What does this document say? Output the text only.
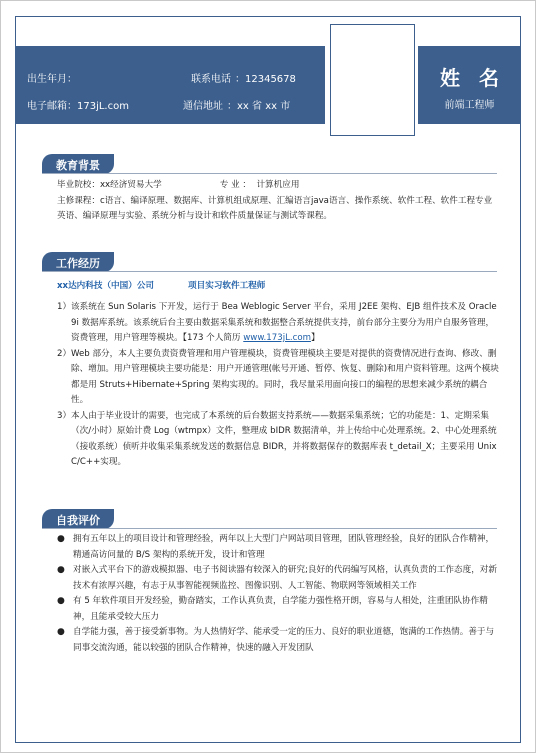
出生年月：	联系电话 ：12345678
电子邮箱：173jL.com	通信地址 ：xx 省 xx 市
姓 名
前端工程师
教育背景
毕业院校：xx经济贸易大学	专 业 ： 计算机应用

主修课程：c语言、编译原理、数据库、计算机组成原理、汇编语言java语言、操作系统、软件工程、软件工程专业英语、编译原理与实验、系统分析与设计和软件质量保证与测试等课程。

工作经历
xx达内科技（中国）公司	项目实习软件工程师
1） 该系统在 Sun Solaris 下开发，运行于 Bea Weblogic Server 平台，采用 J2EE 架构、EJB 组件技术及 Oracle 9i 数据库系统。该系统后台主要由数据采集系统和数据整合系统提供支持，前台部分主要分为用户自服务管理，资费管理，用户管理等模块。【173 个人简历 www.173jL.com】
2） Web 部分，本人主要负责资费管理和用户管理模块，资费管理模块主要是对提供的资费情况进行查询、修改、删除、增加。用户管理模块主要功能是：用户开通管理(帐号开通、暂停、恢复、删除)和用户资料管理。这两个模块都是用 Struts+Hibernate+Spring 架构实现的。同时，我尽量采用面向接口的编程的思想来减少系统的耦合性。
3） 本人由于毕业设计的需要，也完成了本系统的后台数据支持系统——数据采集系统；它的功能是：1、定期采集（次/小时）原始计费 Log（wtmpx）文件，整理成 bIDR 数据清单，并上传给中心处理系统。2、中心处理系统（接收系统）侦听并收集采集系统发送的数据信息 BIDR，并将数据保存的数据库表 t_detail_X；主要采用 Unix C/C++实现。
自我评价
● 拥有五年以上的项目设计和管理经验，两年以上大型门户网站项目管理，团队管理经验，良好的团队合作精神，精通高访问量的 B/S 架构的系统开发，设计和管理
● 对嵌入式平台下的游戏模拟器、电子书阅读器有较深入的研究;良好的代码编写风格，认真负责的工作态度，对新技术有浓厚兴趣，有志于从事智能视频监控、图像识别、人工智能、物联网等领域相关工作
● 有 5 年软件项目开发经验，勤奋踏实，工作认真负责，自学能力强性格开朗，容易与人相处，注重团队协作精神，且能承受较大压力
● 自学能力强，善于接受新事物。为人热情好学、能承受一定的压力、良好的职业道德，饱满的工作热情。善于与同事交流沟通，能以较强的团队合作精神，快速的融入开发团队
